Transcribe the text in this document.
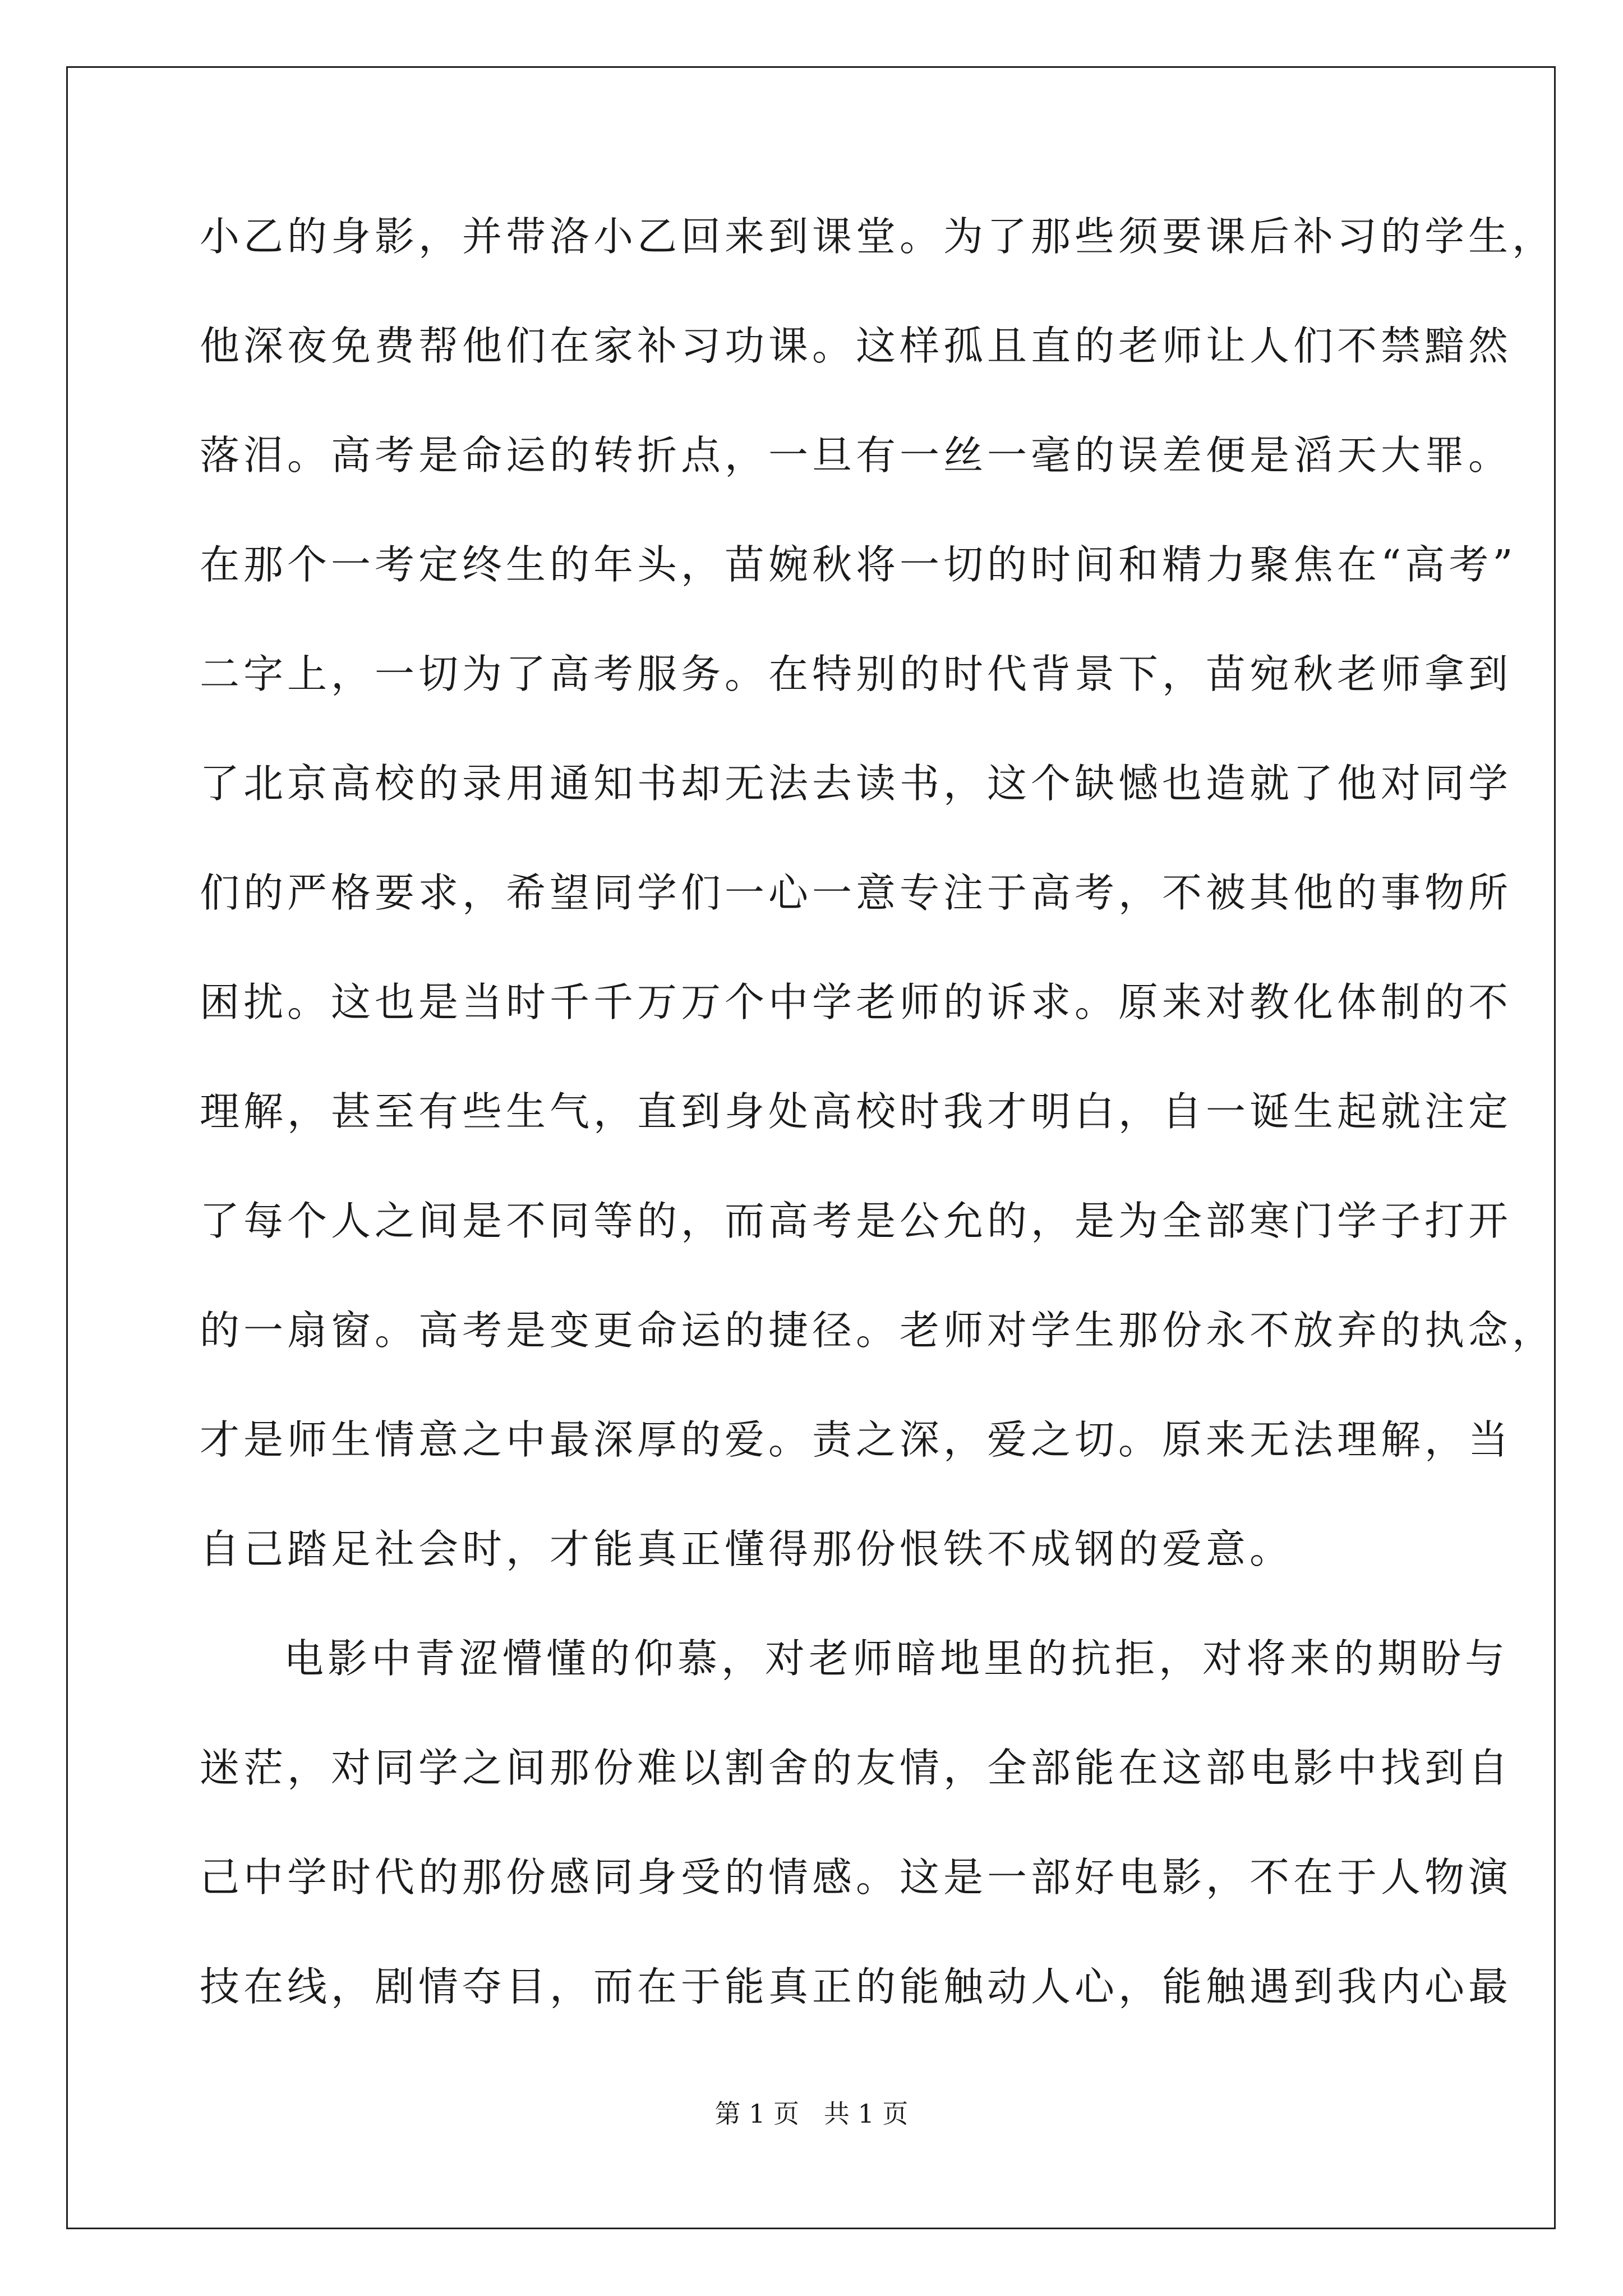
小乙的身影，并带洛小乙回来到课堂。为了那些须要课后补习的学生，
他深夜免费帮他们在家补习功课。这样孤且直的老师让人们不禁黯然
落泪。高考是命运的转折点，一旦有一丝一毫的误差便是滔天大罪。
在那个一考定终生的年头，苗婉秋将一切的时间和精力聚焦在“高考”
二字上，一切为了高考服务。在特别的时代背景下，苗宛秋老师拿到
了北京高校的录用通知书却无法去读书，这个缺憾也造就了他对同学
们的严格要求，希望同学们一心一意专注于高考，不被其他的事物所
困扰。这也是当时千千万万个中学老师的诉求。原来对教化体制的不
理解，甚至有些生气，直到身处高校时我才明白，自一诞生起就注定
了每个人之间是不同等的，而高考是公允的，是为全部寒门学子打开
的一扇窗。高考是变更命运的捷径。老师对学生那份永不放弃的执念，
才是师生情意之中最深厚的爱。责之深，爱之切。原来无法理解，当
自己踏足社会时，才能真正懂得那份恨铁不成钢的爱意。
电影中青涩懵懂的仰慕，对老师暗地里的抗拒，对将来的期盼与
迷茫，对同学之间那份难以割舍的友情，全部能在这部电影中找到自
己中学时代的那份感同身受的情感。这是一部好电影，不在于人物演
技在线，剧情夺目，而在于能真正的能触动人心，能触遇到我内心最
第 1 页   共 1 页
